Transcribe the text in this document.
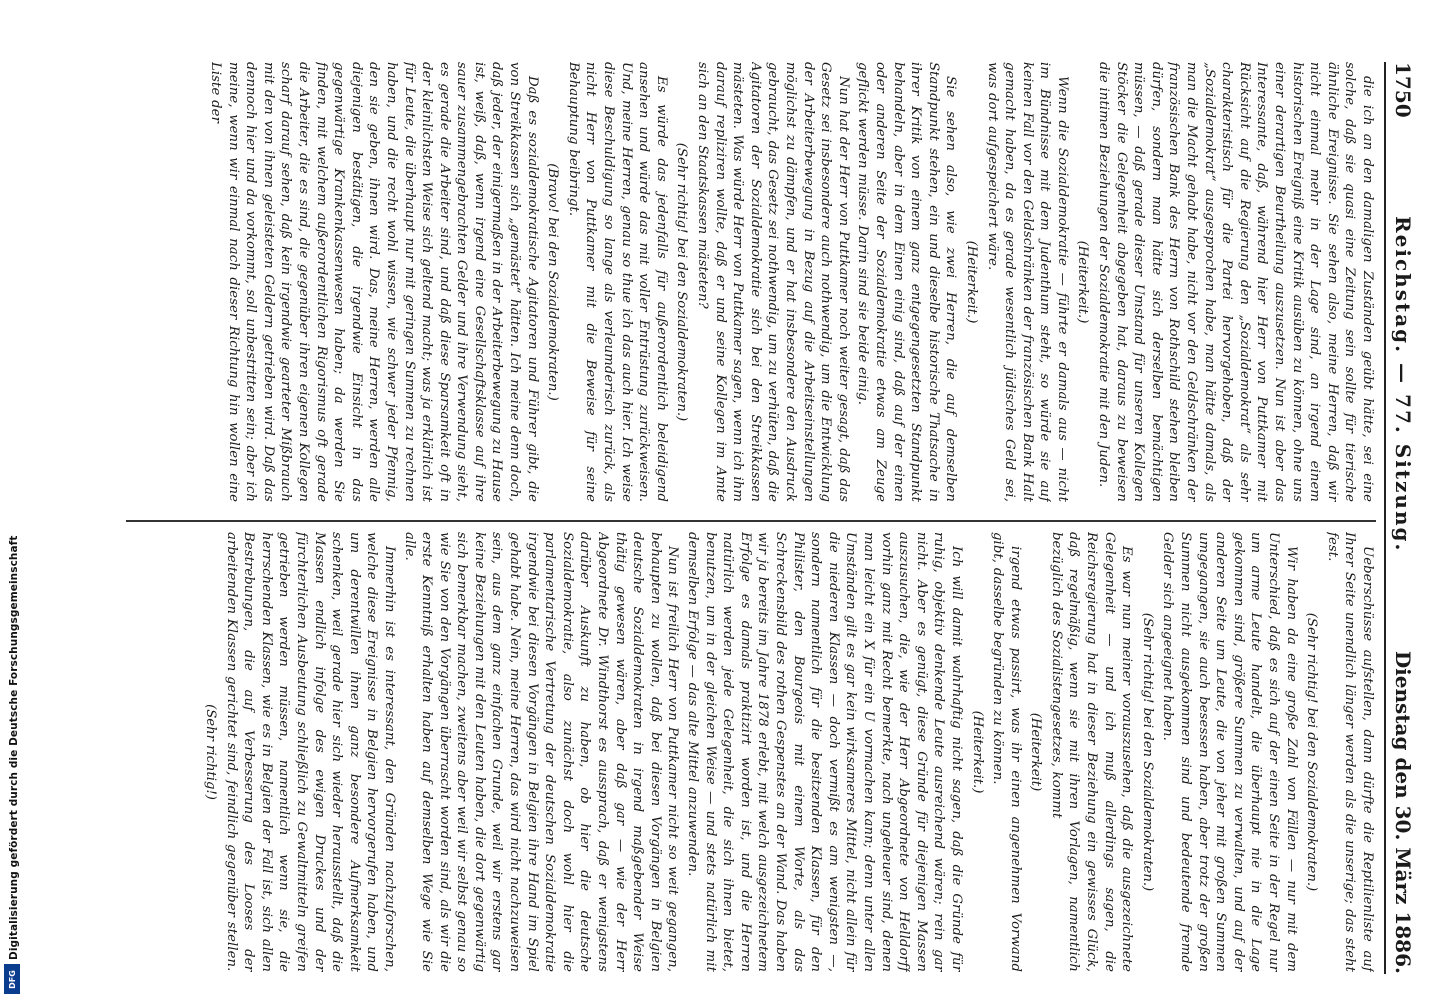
1750
Reichstag. — 77. Sitzung.
Dienstag den 30. März 1886.
die ich an den damaligen Zuständen geübt hätte, sei eine solche, daß sie quasi eine Zeitung sein sollte für tierische ähnliche Ereignisse. Sie sehen also, meine Herren, daß wir nicht einmal mehr in der Lage sind, an irgend einem historischen Ereigniß eine Kritik ausüben zu können, ohne uns einer derartigen Beurtheilung auszusetzen. Nun ist aber das Interessante, daß, während hier Herr von Puttkamer mit Rücksicht auf die Regierung den „Sozialdemokrat“ als sehr charakteristisch für die Partei hervorgehoben, daß der „Sozialdemokrat“ ausgesprochen habe, man hätte damals, als man die Macht gehabt habe, nicht vor den Geldschränken der französischen Bank des Herrn von Rothschild stehen bleiben dürfen, sondern man hätte sich derselben bemächtigen müssen, — daß gerade dieser Umstand für unseren Kollegen Stöcker die Gelegenheit abgegeben hat, daraus zu beweisen die intimen Beziehungen der Sozialdemokratie mit den Juden.
(Heiterkeit.)
Wenn die Sozialdemokratie — führte er damals aus — nicht im Bündnisse mit dem Judenthum steht, so würde sie auf keinen Fall vor den Geldschränken der französischen Bank Halt gemacht haben, da es gerade wesentlich jüdisches Geld sei, was dort aufgespeichert wäre.
(Heiterkeit.)
Sie sehen also, wie zwei Herren, die auf demselben Standpunkt stehen, ein und dieselbe historische Thatsache in ihrer Kritik von einem ganz entgegengesetzten Standpunkt behandeln, aber in dem Einen einig sind, daß auf der einen oder anderen Seite der Sozialdemokratie etwas am Zeuge geflickt werden müsse. Darin sind sie beide einig.
Nun hat der Herr von Puttkamer noch weiter gesagt, daß das Gesetz sei insbesondere auch nothwendig, um die Entwicklung der Arbeiterbewegung in Bezug auf die Arbeitseinstellungen möglichst zu dämpfen, und er hat insbesondere den Ausdruck gebraucht, das Gesetz sei nothwendig, um zu verhüten, daß die Agitatoren der Sozialdemokratie sich bei den Streikkassen mästeten. Was würde Herr von Puttkamer sagen, wenn ich ihm darauf repliziren wollte, daß er und seine Kollegen im Amte sich an den Staatskassen mästeten?
(Sehr richtig! bei den Sozialdemokraten.)
Es würde das jedenfalls für außerordentlich beleidigend ansehen und würde das mit voller Entrüstung zurückweisen. Und, meine Herren, genau so thue ich das auch hier. Ich weise diese Beschuldigung so lange als verleumderisch zurück, als nicht Herr von Puttkamer mit die Beweise für seine Behauptung beibringt.
(Bravo! bei den Sozialdemokraten.)
Daß es sozialdemokratische Agitatoren und Führer gibt, die von Streikkassen sich „gemästet“ hätten. Ich meine denn doch, daß jeder, der einigermaßen in der Arbeiterbewegung zu Hause ist, weiß, daß, wenn irgend eine Gesellschaftsklasse auf ihre sauer zusammengebrachten Gelder und ihre Verwendung sieht, es gerade die Arbeiter sind, und daß diese Sparsamkeit oft in der kleinlichsten Weise sich geltend macht; was ja erklärlich ist für Leute, die überhaupt nur mit geringen Summen zu rechnen haben, und die recht wohl wissen, wie schwer jeder Pfennig, den sie geben, ihnen wird. Das, meine Herren, werden alle diejenigen bestätigen, die irgendwie Einsicht in das gegenwärtige Krankenkassenwesen haben; da werden Sie finden, mit welchem außerordentlichen Rigorismus oft gerade die Arbeiter, die es sind, die gegenüber ihren eigenen Kollegen scharf darauf sehen, daß kein irgendwie gearteter Mißbrauch mit den von ihnen geleisteten Geldern getrieben wird. Daß das dennoch hier und da vorkommt, soll unbestritten sein; aber ich meine, wenn wir einmal nach dieser Richtung hin wollen eine Liste der
Ueberschüsse aufstellen, dann dürfte die Reptilienliste auf Ihrer Seite unendlich länger werden als die unserige; das steht fest.
(Sehr richtig! bei den Sozialdemokraten.)
Wir haben da eine große Zahl von Fällen — nur mit dem Unterschied, daß es sich auf der einen Seite in der Regel nur um arme Leute handelt, die überhaupt nie in die Lage gekommen sind, größere Summen zu verwalten, und auf der anderen Seite um Leute, die von jeher mit großen Summen umgegangen, sie auch besessen haben, aber trotz der großen Summen nicht ausgekommen sind und bedeutende fremde Gelder sich angeeignet haben.
(Sehr richtig! bei den Sozialdemokraten.)
Es war nun meiner vorauszusehen, daß die ausgezeichnete Gelegenheit — und ich muß allerdings sagen, die Reichsregierung hat in dieser Beziehung ein gewisses Glück, daß regelmäßig, wenn sie mit ihren Vorlagen, namentlich bezüglich des Sozialistengesetzes, kommt
(Heiterkeit)
irgend etwas passirt, was ihr einen angenehmen Vorwand gibt, dasselbe begründen zu können.
(Heiterkeit.)
Ich will damit wahrhaftig nicht sagen, daß die Gründe für ruhig, objektiv denkende Leute ausreichend wären; rein gar nicht. Aber es genügt, diese Gründe für diejenigen Massen auszusuchen, die, wie der Herr Abgeordnete von Helldorff vorhin ganz mit Recht bemerkte, nach ungeheuer sind, denen man leicht ein X für ein U vormachen kann; denn unter allen Umständen gilt es gar kein wirksameres Mittel, nicht allein für die niederen Klassen — doch vermißt es am wenigsten —, sondern namentlich für die besitzenden Klassen, für den Philister, den Bourgeois mit einem Worte, als das Schreckensbild des rothen Gespenstes an der Wand. Das haben wir ja bereits im Jahre 1878 erlebt, mit welch ausgezeichnetem Erfolge es damals praktizirt worden ist, und die Herren natürlich werden jede Gelegenheit, die sich ihnen bietet, benutzen, um in der gleichen Weise — und stets natürlich mit demselben Erfolge — das alte Mittel anzuwenden.
Nun ist freilich Herr von Puttkamer nicht so weit gegangen, behaupten zu wollen, daß bei diesen Vorgängen in Belgien deutsche Sozialdemokraten in irgend maßgebender Weise thätig gewesen wären, aber daß gar — wie der Herr Abgeordnete Dr. Windthorst es aussprach, daß er wenigstens darüber Auskunft zu haben, ob hier die deutsche Sozialdemokratie, also zunächst doch wohl hier die parlamentarische Vertretung der deutschen Sozialdemokratie irgendwie bei diesen Vorgängen in Belgien ihre Hand im Spiel gehabt habe. Nein, meine Herren, das wird nicht nachzuweisen sein, aus dem ganz einfachen Grunde, weil wir erstens gar keine Beziehungen mit den Leuten haben, die dort gegenwärtig sich bemerkbar machen, zweitens aber weil wir selbst genau so wie Sie von den Vorgängen überrascht worden sind, als wir die erste Kenntniß erhalten haben auf demselben Wege wie Sie alle.
Immerhin ist es interessant, den Gründen nachzuforschen, welche diese Ereignisse in Belgien hervorgerufen haben, und um derentwillen ihnen ganz besondere Aufmerksamkeit schenken, weil gerade hier sich wieder herausstellt, daß die Massen endlich infolge des ewigen Druckes und der fürchterlichen Ausbeutung schließlich zu Gewaltmitteln greifen getrieben werden müssen, namentlich wenn sie, die herrschenden Klassen, wie es in Belgien der Fall ist, sich allen Bestrebungen, die auf Verbesserung des Looses der arbeitenden Klassen gerichtet sind, feindlich gegenüber stellen.
(Sehr richtig!)
Digitalisierung gefördert durch die Deutsche Forschungsgemeinschaft
DFG
